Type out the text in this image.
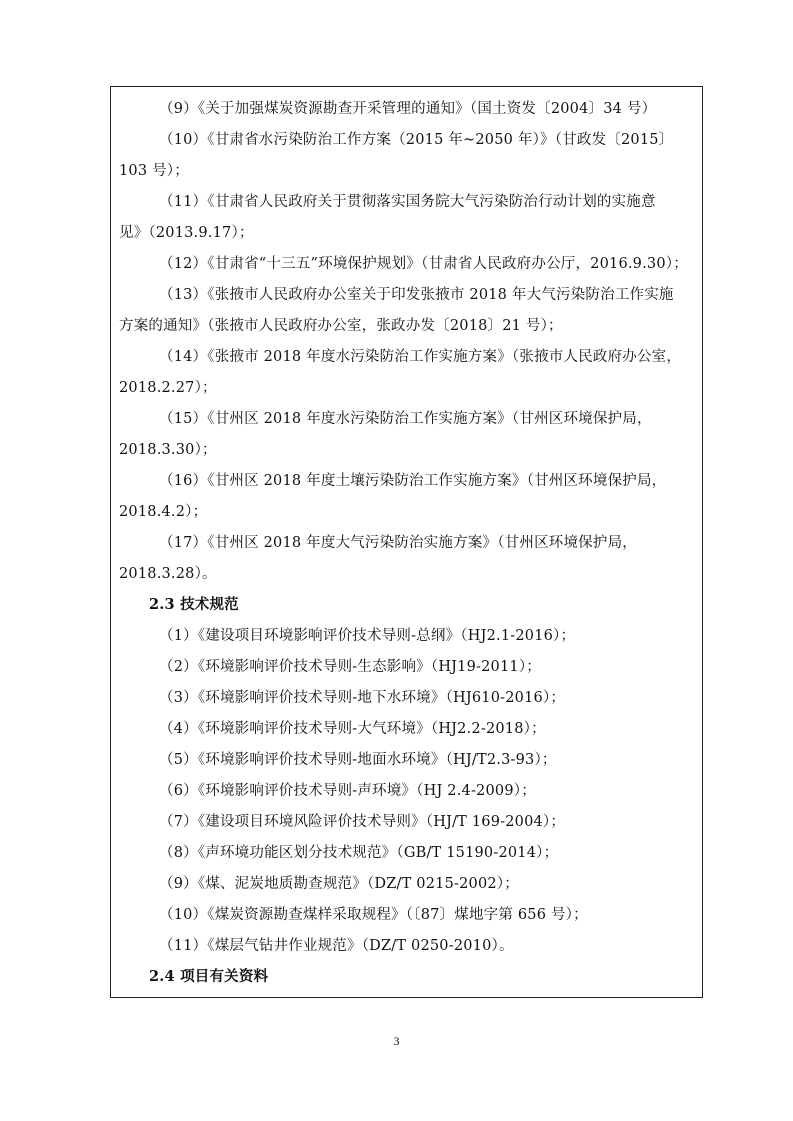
（9）《关于加强煤炭资源勘查开采管理的通知》（国土资发〔2004〕34 号）
（10）《甘肃省水污染防治工作方案（2015 年~2050 年）》（甘政发〔2015〕
103 号）；
（11）《甘肃省人民政府关于贯彻落实国务院大气污染防治行动计划的实施意
见》（2013.9.17）；
（12）《甘肃省“十三五”环境保护规划》（甘肃省人民政府办公厅，2016.9.30）；
（13）《张掖市人民政府办公室关于印发张掖市 2018 年大气污染防治工作实施
方案的通知》（张掖市人民政府办公室，张政办发〔2018〕21 号）；
（14）《张掖市 2018 年度水污染防治工作实施方案》（张掖市人民政府办公室，
2018.2.27）；
（15）《甘州区 2018 年度水污染防治工作实施方案》（甘州区环境保护局，
2018.3.30）；
（16）《甘州区 2018 年度土壤污染防治工作实施方案》（甘州区环境保护局，
2018.4.2）；
（17）《甘州区 2018 年度大气污染防治实施方案》（甘州区环境保护局，
2018.3.28）。
2.3 技术规范
（1）《建设项目环境影响评价技术导则-总纲》（HJ2.1-2016）；
（2）《环境影响评价技术导则-生态影响》（HJ19-2011）；
（3）《环境影响评价技术导则-地下水环境》（HJ610-2016）；
（4）《环境影响评价技术导则-大气环境》（HJ2.2-2018）；
（5）《环境影响评价技术导则-地面水环境》（HJ/T2.3-93）；
（6）《环境影响评价技术导则-声环境》（HJ 2.4-2009）；
（7）《建设项目环境风险评价技术导则》（HJ/T 169-2004）；
（8）《声环境功能区划分技术规范》（GB/T 15190-2014）；
（9）《煤、泥炭地质勘查规范》（DZ/T 0215-2002）；
（10）《煤炭资源勘查煤样采取规程》（〔87〕煤地字第 656 号）；
（11）《煤层气钻井作业规范》（DZ/T 0250-2010）。
2.4 项目有关资料
3
